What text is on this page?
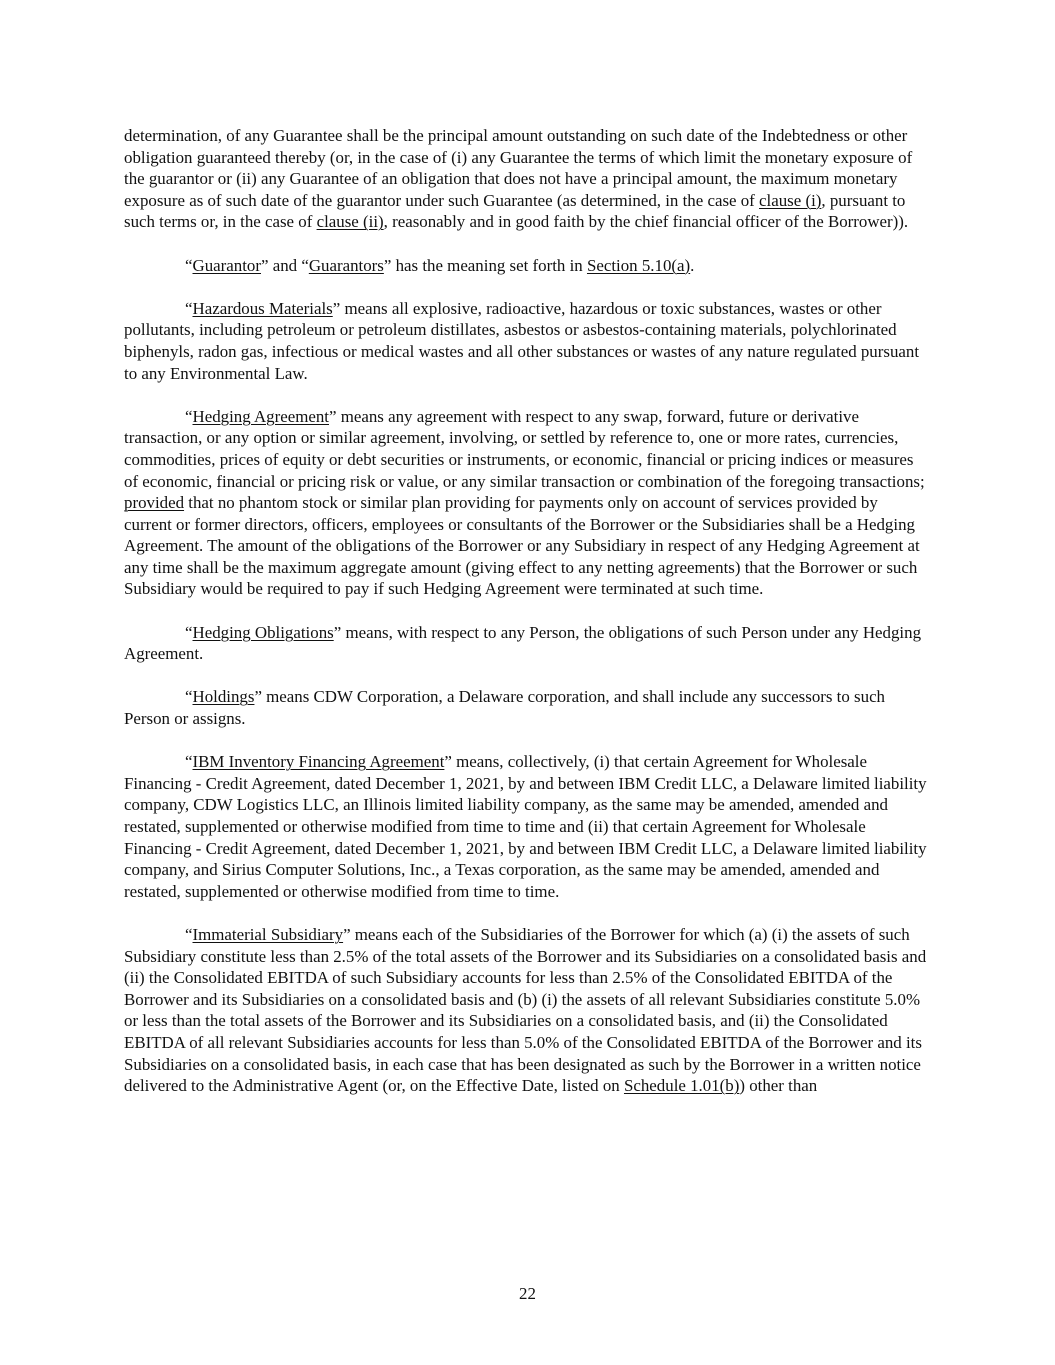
determination, of any Guarantee shall be the principal amount outstanding on such date of the Indebtedness or other obligation guaranteed thereby (or, in the case of (i) any Guarantee the terms of which limit the monetary exposure of the guarantor or (ii) any Guarantee of an obligation that does not have a principal amount, the maximum monetary exposure as of such date of the guarantor under such Guarantee (as determined, in the case of clause (i), pursuant to such terms or, in the case of clause (ii), reasonably and in good faith by the chief financial officer of the Borrower)).

“Guarantor” and “Guarantors” has the meaning set forth in Section 5.10(a).

“Hazardous Materials” means all explosive, radioactive, hazardous or toxic substances, wastes or other pollutants, including petroleum or petroleum distillates, asbestos or asbestos-containing materials, polychlorinated biphenyls, radon gas, infectious or medical wastes and all other substances or wastes of any nature regulated pursuant to any Environmental Law.

“Hedging Agreement” means any agreement with respect to any swap, forward, future or derivative transaction, or any option or similar agreement, involving, or settled by reference to, one or more rates, currencies, commodities, prices of equity or debt securities or instruments, or economic, financial or pricing indices or measures of economic, financial or pricing risk or value, or any similar transaction or combination of the foregoing transactions; provided that no phantom stock or similar plan providing for payments only on account of services provided by current or former directors, officers, employees or consultants of the Borrower or the Subsidiaries shall be a Hedging Agreement. The amount of the obligations of the Borrower or any Subsidiary in respect of any Hedging Agreement at any time shall be the maximum aggregate amount (giving effect to any netting agreements) that the Borrower or such Subsidiary would be required to pay if such Hedging Agreement were terminated at such time.

“Hedging Obligations” means, with respect to any Person, the obligations of such Person under any Hedging Agreement.

“Holdings” means CDW Corporation, a Delaware corporation, and shall include any successors to such Person or assigns.

“IBM Inventory Financing Agreement” means, collectively, (i) that certain Agreement for Wholesale Financing - Credit Agreement, dated December 1, 2021, by and between IBM Credit LLC, a Delaware limited liability company, CDW Logistics LLC, an Illinois limited liability company, as the same may be amended, amended and restated, supplemented or otherwise modified from time to time and (ii) that certain Agreement for Wholesale Financing - Credit Agreement, dated December 1, 2021, by and between IBM Credit LLC, a Delaware limited liability company, and Sirius Computer Solutions, Inc., a Texas corporation, as the same may be amended, amended and restated, supplemented or otherwise modified from time to time.

“Immaterial Subsidiary” means each of the Subsidiaries of the Borrower for which (a) (i) the assets of such Subsidiary constitute less than 2.5% of the total assets of the Borrower and its Subsidiaries on a consolidated basis and (ii) the Consolidated EBITDA of such Subsidiary accounts for less than 2.5% of the Consolidated EBITDA of the Borrower and its Subsidiaries on a consolidated basis and (b) (i) the assets of all relevant Subsidiaries constitute 5.0% or less than the total assets of the Borrower and its Subsidiaries on a consolidated basis, and (ii) the Consolidated EBITDA of all relevant Subsidiaries accounts for less than 5.0% of the Consolidated EBITDA of the Borrower and its Subsidiaries on a consolidated basis, in each case that has been designated as such by the Borrower in a written notice delivered to the Administrative Agent (or, on the Effective Date, listed on Schedule 1.01(b)) other than

22
